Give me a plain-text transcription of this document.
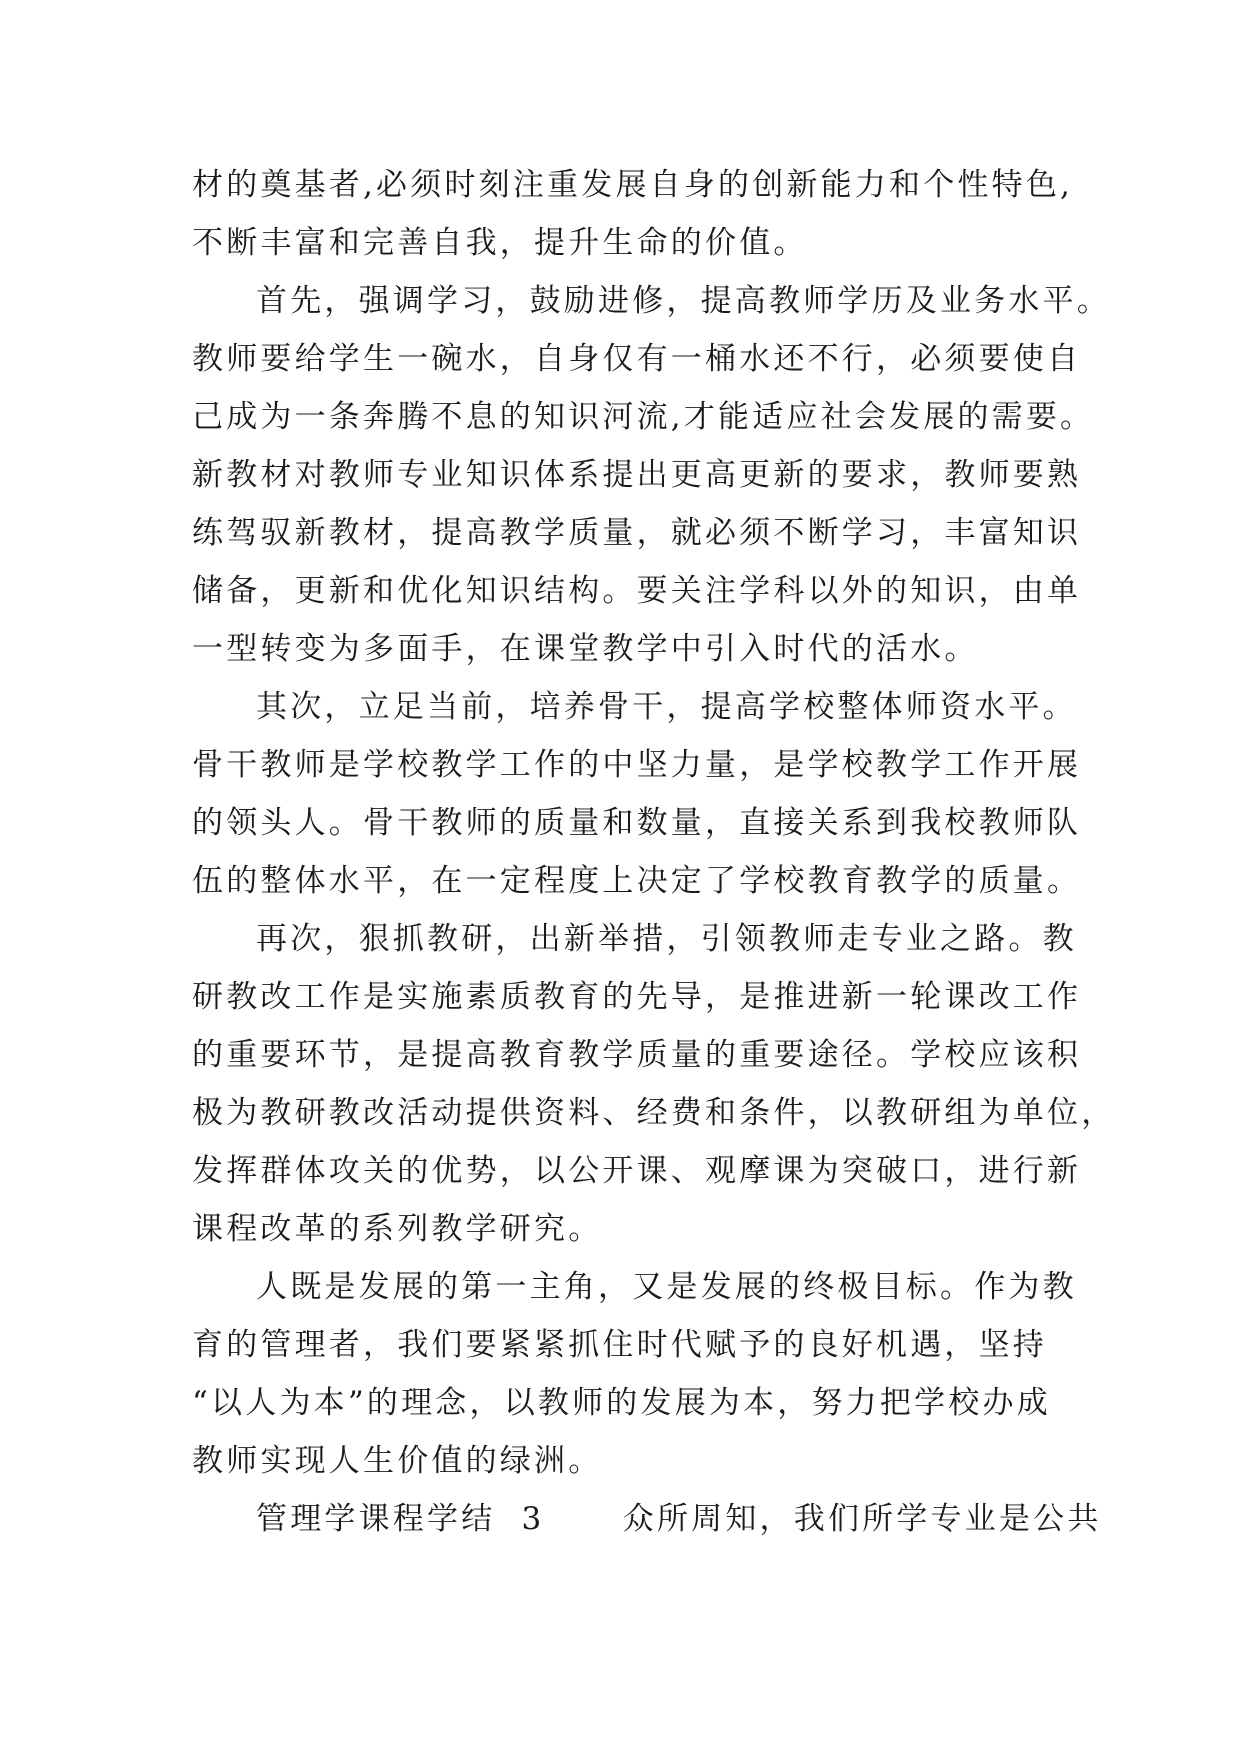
材的奠基者,必须时刻注重发展自身的创新能力和个性特色,
不断丰富和完善自我，提升生命的价值。
首先，强调学习，鼓励进修，提高教师学历及业务水平。
教师要给学生一碗水，自身仅有一桶水还不行，必须要使自
己成为一条奔腾不息的知识河流,才能适应社会发展的需要。
新教材对教师专业知识体系提出更高更新的要求，教师要熟
练驾驭新教材，提高教学质量，就必须不断学习，丰富知识
储备，更新和优化知识结构。要关注学科以外的知识，由单
一型转变为多面手，在课堂教学中引入时代的活水。
其次，立足当前，培养骨干，提高学校整体师资水平。
骨干教师是学校教学工作的中坚力量，是学校教学工作开展
的领头人。骨干教师的质量和数量，直接关系到我校教师队
伍的整体水平，在一定程度上决定了学校教育教学的质量。
再次，狠抓教研，出新举措，引领教师走专业之路。教
研教改工作是实施素质教育的先导，是推进新一轮课改工作
的重要环节，是提高教育教学质量的重要途径。学校应该积
极为教研教改活动提供资料、经费和条件，以教研组为单位，
发挥群体攻关的优势，以公开课、观摩课为突破口，进行新
课程改革的系列教学研究。
人既是发展的第一主角，又是发展的终极目标。作为教
育的管理者，我们要紧紧抓住时代赋予的良好机遇，坚持
“以人为本”的理念，以教师的发展为本，努力把学校办成
教师实现人生价值的绿洲。
管理学课程学结  3      众所周知，我们所学专业是公共
